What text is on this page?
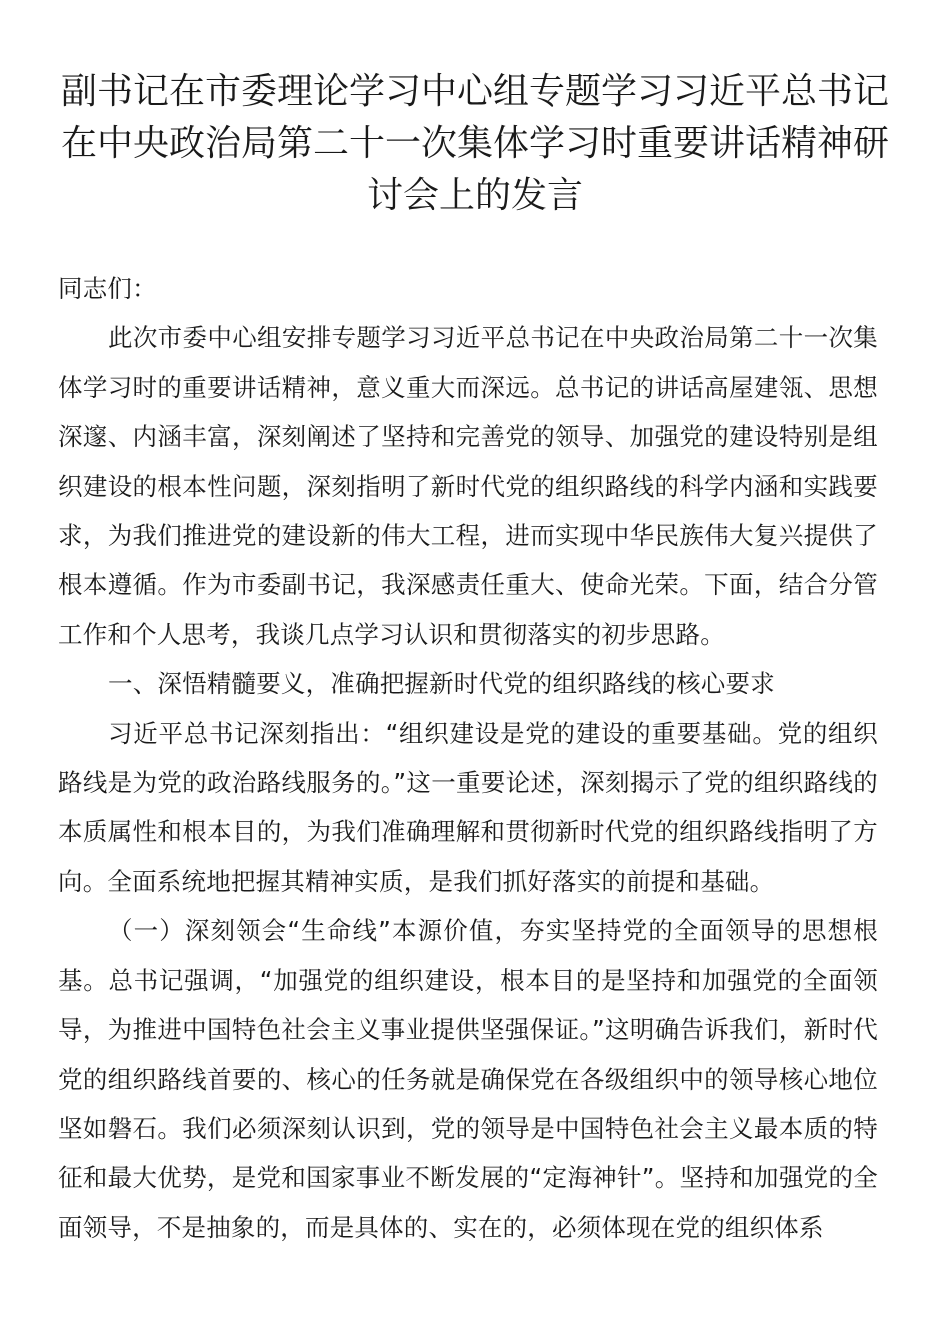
副书记在市委理论学习中心组专题学习习近平总书记在中央政治局第二十一次集体学习时重要讲话精神研讨会上的发言

同志们：

此次市委中心组安排专题学习习近平总书记在中央政治局第二十一次集体学习时的重要讲话精神，意义重大而深远。总书记的讲话高屋建瓴、思想深邃、内涵丰富，深刻阐述了坚持和完善党的领导、加强党的建设特别是组织建设的根本性问题，深刻指明了新时代党的组织路线的科学内涵和实践要求，为我们推进党的建设新的伟大工程，进而实现中华民族伟大复兴提供了根本遵循。作为市委副书记，我深感责任重大、使命光荣。下面，结合分管工作和个人思考，我谈几点学习认识和贯彻落实的初步思路。

一、深悟精髓要义，准确把握新时代党的组织路线的核心要求

习近平总书记深刻指出：“组织建设是党的建设的重要基础。党的组织路线是为党的政治路线服务的。”这一重要论述，深刻揭示了党的组织路线的本质属性和根本目的，为我们准确理解和贯彻新时代党的组织路线指明了方向。全面系统地把握其精神实质，是我们抓好落实的前提和基础。

（一）深刻领会“生命线”本源价值，夯实坚持党的全面领导的思想根基。总书记强调，“加强党的组织建设，根本目的是坚持和加强党的全面领导，为推进中国特色社会主义事业提供坚强保证。”这明确告诉我们，新时代党的组织路线首要的、核心的任务就是确保党在各级组织中的领导核心地位坚如磐石。我们必须深刻认识到，党的领导是中国特色社会主义最本质的特征和最大优势，是党和国家事业不断发展的“定海神针”。坚持和加强党的全面领导，不是抽象的，而是具体的、实在的，必须体现在党的组织体系
